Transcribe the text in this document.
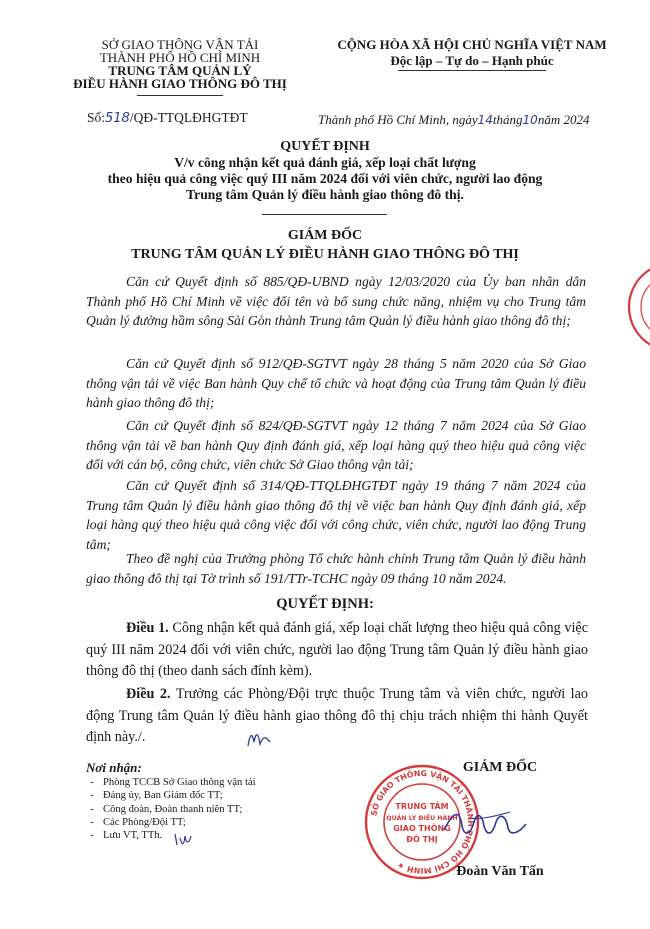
SỞ GIAO THÔNG VẬN TẢI
THÀNH PHỐ HỒ CHÍ MINH
TRUNG TÂM QUẢN LÝ
ĐIỀU HÀNH GIAO THÔNG ĐÔ THỊ
Số:518/QĐ-TTQLĐHGTĐT
CỘNG HÒA XÃ HỘI CHỦ NGHĨA VIỆT NAM
Độc lập – Tự do – Hạnh phúc
Thành phố Hồ Chí Minh, ngày14tháng10năm 2024
QUYẾT ĐỊNH
V/v công nhận kết quả đánh giá, xếp loại chất lượng
theo hiệu quả công việc quý III năm 2024 đối với viên chức, người lao động
Trung tâm Quản lý điều hành giao thông đô thị.
GIÁM ĐỐC
TRUNG TÂM QUẢN LÝ ĐIỀU HÀNH GIAO THÔNG ĐÔ THỊ
Căn cứ Quyết định số 885/QĐ-UBND ngày 12/03/2020 của Ủy ban nhân dân Thành phố Hồ Chí Minh về việc đổi tên và bổ sung chức năng, nhiệm vụ cho Trung tâm Quản lý đường hầm sông Sài Gòn thành Trung tâm Quản lý điều hành giao thông đô thị;
Căn cứ Quyết định số 912/QĐ-SGTVT ngày 28 tháng 5 năm 2020 của Sở Giao thông vận tải về việc Ban hành Quy chế tổ chức và hoạt động của Trung tâm Quản lý điều hành giao thông đô thị;
Căn cứ Quyết định số 824/QĐ-SGTVT ngày 12 tháng 7 năm 2024 của Sở Giao thông vận tải về ban hành Quy định đánh giá, xếp loại hàng quý theo hiệu quả công việc đối với cán bộ, công chức, viên chức Sở Giao thông vận tải;
Căn cứ Quyết định số 314/QĐ-TTQLĐHGTĐT ngày 19 tháng 7 năm 2024 của Trung tâm Quản lý điều hành giao thông đô thị về việc ban hành Quy định đánh giá, xếp loại hàng quý theo hiệu quả công việc đối với công chức, viên chức, người lao động Trung tâm;
Theo đề nghị của Trưởng phòng Tổ chức hành chính Trung tâm Quản lý điều hành giao thông đô thị tại Tờ trình số 191/TTr-TCHC ngày 09 tháng 10 năm 2024.
QUYẾT ĐỊNH:
Điều 1. Công nhận kết quả đánh giá, xếp loại chất lượng theo hiệu quả công việc quý III năm 2024 đối với viên chức, người lao động Trung tâm Quản lý điều hành giao thông đô thị (theo danh sách đính kèm).
Điều 2. Trưởng các Phòng/Đội trực thuộc Trung tâm và viên chức, người lao động Trung tâm Quản lý điều hành giao thông đô thị chịu trách nhiệm thi hành Quyết định này./.
Nơi nhận:
- Phòng TCCB Sở Giao thông vận tải
- Đảng ủy, Ban Giám đốc TT;
- Công đoàn, Đoàn thanh niên TT;
- Các Phòng/Đội TT;
- Lưu VT, TTh.
GIÁM ĐỐC
SỞ GIAO THÔNG VẬN TẢI THÀNH PHỐ HỒ CHÍ MINH ★
TRUNG TÂM
QUẢN LÝ ĐIỀU HÀNH
GIAO THÔNG
ĐÔ THỊ
Đoàn Văn Tấn
